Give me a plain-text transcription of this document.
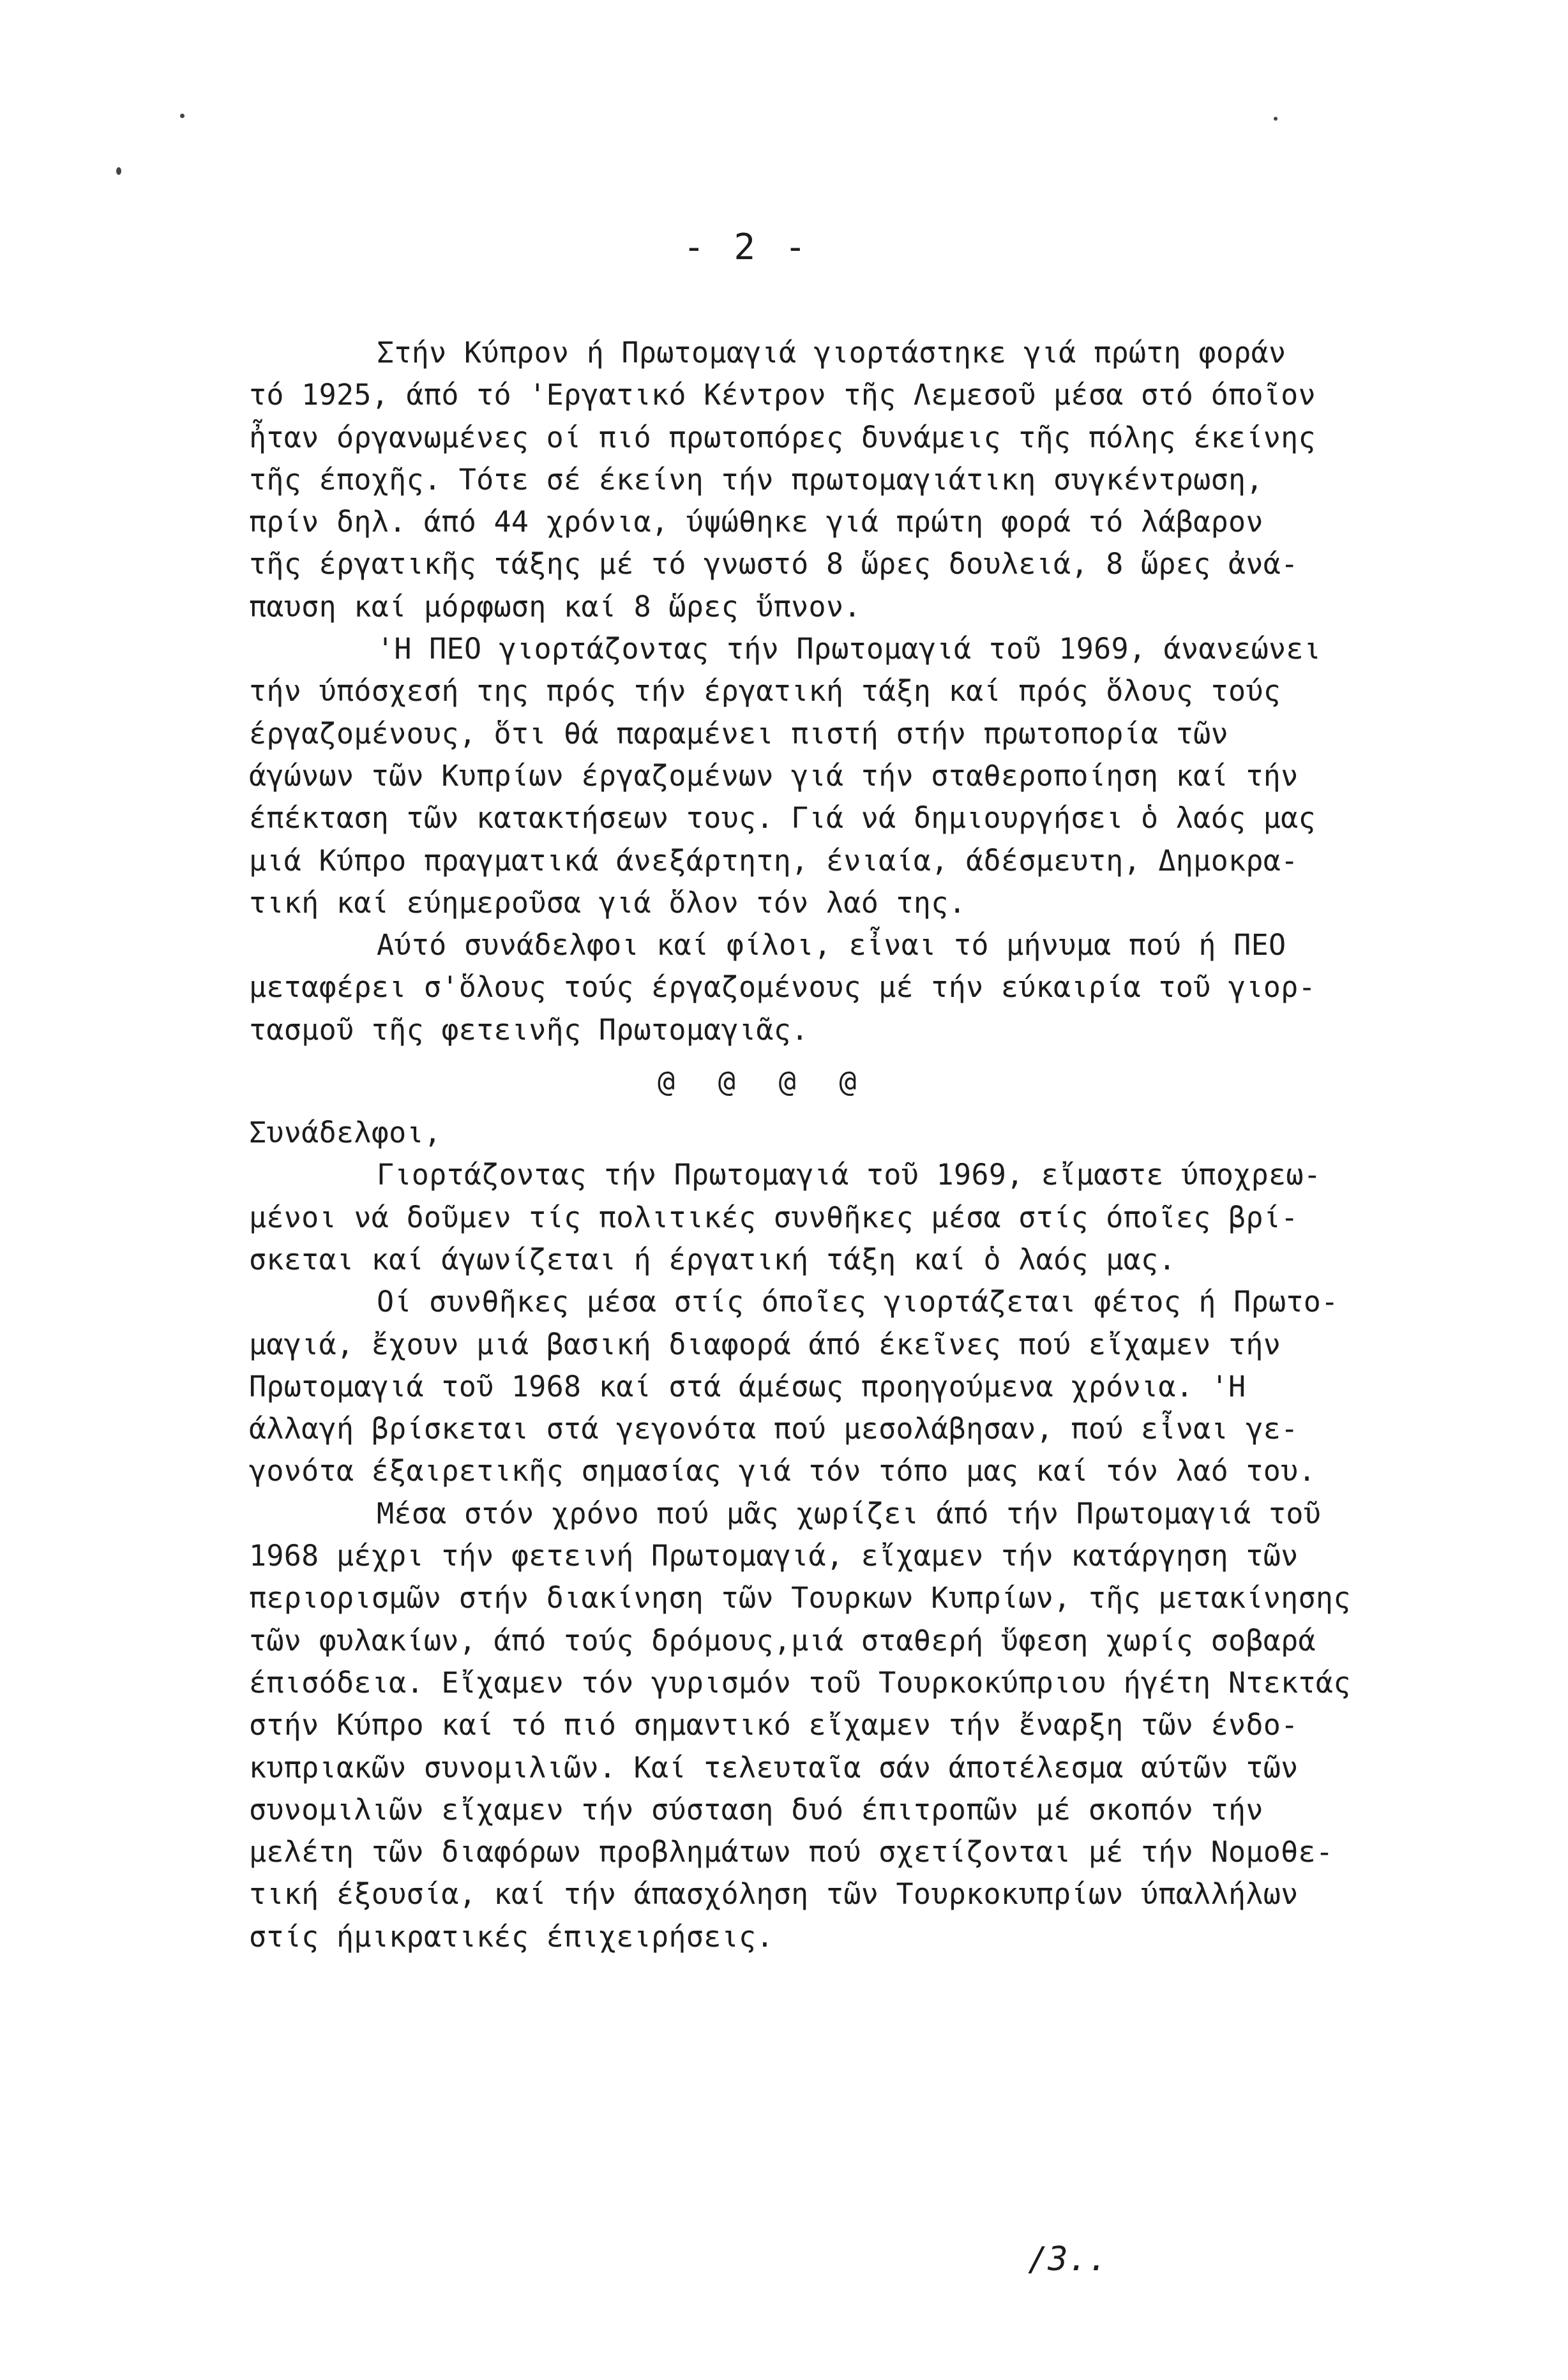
- 2 -
Στήν Κύπρον ή Πρωτομαγιά γιορτάστηκε γιά πρώτη φοράν
τό 1925, άπό τό 'Εργατικό Κέντρον τῆς Λεμεσοῦ μέσα στό όποῖον
ἦταν όργανωμένες οί πιό πρωτοπόρες δυνάμεις τῆς πόλης έκείνης
τῆς έποχῆς. Τότε σέ έκείνη τήν πρωτομαγιάτικη συγκέντρωση,
πρίν δηλ. άπό 44 χρόνια, ύψώθηκε γιά πρώτη φορά τό λάβαρον
τῆς έργατικῆς τάξης μέ τό γνωστό 8 ὥρες δουλειά, 8 ὥρες ἀνά-
παυση καί μόρφωση καί 8 ὥρες ὕπνον.
'Η ΠΕΟ γιορτάζοντας τήν Πρωτομαγιά τοῦ 1969, άνανεώνει
τήν ύπόσχεσή της πρός τήν έργατική τάξη καί πρός ὅλους τούς
έργαζομένους, ὅτι θά παραμένει πιστή στήν πρωτοπορία τῶν
άγώνων τῶν Κυπρίων έργαζομένων γιά τήν σταθεροποίηση καί τήν
έπέκταση τῶν κατακτήσεων τους. Γιά νά δημιουργήσει ὁ λαός μας
μιά Κύπρο πραγματικά άνεξάρτητη, ένιαία, άδέσμευτη, Δημοκρα-
τική καί εύημεροῦσα γιά ὅλον τόν λαό της.
Αύτό συνάδελφοι καί φίλοι, εἶναι τό μήνυμα πού ή ΠΕΟ
μεταφέρει σ'ὅλους τούς έργαζομένους μέ τήν εύκαιρία τοῦ γιορ-
τασμοῦ τῆς φετεινῆς Πρωτομαγιᾶς.
@ @ @ @
Συνάδελφοι,
Γιορτάζοντας τήν Πρωτομαγιά τοῦ 1969, εἴμαστε ύποχρεω-
μένοι νά δοῦμεν τίς πολιτικές συνθῆκες μέσα στίς όποῖες βρί-
σκεται καί άγωνίζεται ή έργατική τάξη καί ὁ λαός μας.
Οί συνθῆκες μέσα στίς όποῖες γιορτάζεται φέτος ή Πρωτο-
μαγιά, ἔχουν μιά βασική διαφορά άπό έκεῖνες πού εἴχαμεν τήν
Πρωτομαγιά τοῦ 1968 καί στά άμέσως προηγούμενα χρόνια. 'Η
άλλαγή βρίσκεται στά γεγονότα πού μεσολάβησαν, πού εἶναι γε-
γονότα έξαιρετικῆς σημασίας γιά τόν τόπο μας καί τόν λαό του.
Μέσα στόν χρόνο πού μᾶς χωρίζει άπό τήν Πρωτομαγιά τοῦ
1968 μέχρι τήν φετεινή Πρωτομαγιά, εἴχαμεν τήν κατάργηση τῶν
περιορισμῶν στήν διακίνηση τῶν Τουρκων Κυπρίων, τῆς μετακίνησης
τῶν φυλακίων, άπό τούς δρόμους,μιά σταθερή ὕφεση χωρίς σοβαρά
έπισόδεια. Εἴχαμεν τόν γυρισμόν τοῦ Τουρκοκύπριου ήγέτη Ντεκτάς
στήν Κύπρο καί τό πιό σημαντικό εἴχαμεν τήν ἔναρξη τῶν ένδο-
κυπριακῶν συνομιλιῶν. Καί τελευταῖα σάν άποτέλεσμα αύτῶν τῶν
συνομιλιῶν εἴχαμεν τήν σύσταση δυό έπιτροπῶν μέ σκοπόν τήν
μελέτη τῶν διαφόρων προβλημάτων πού σχετίζονται μέ τήν Νομοθε-
τική έξουσία, καί τήν άπασχόληση τῶν Τουρκοκυπρίων ύπαλλήλων
στίς ήμικρατικές έπιχειρήσεις.
/3..
